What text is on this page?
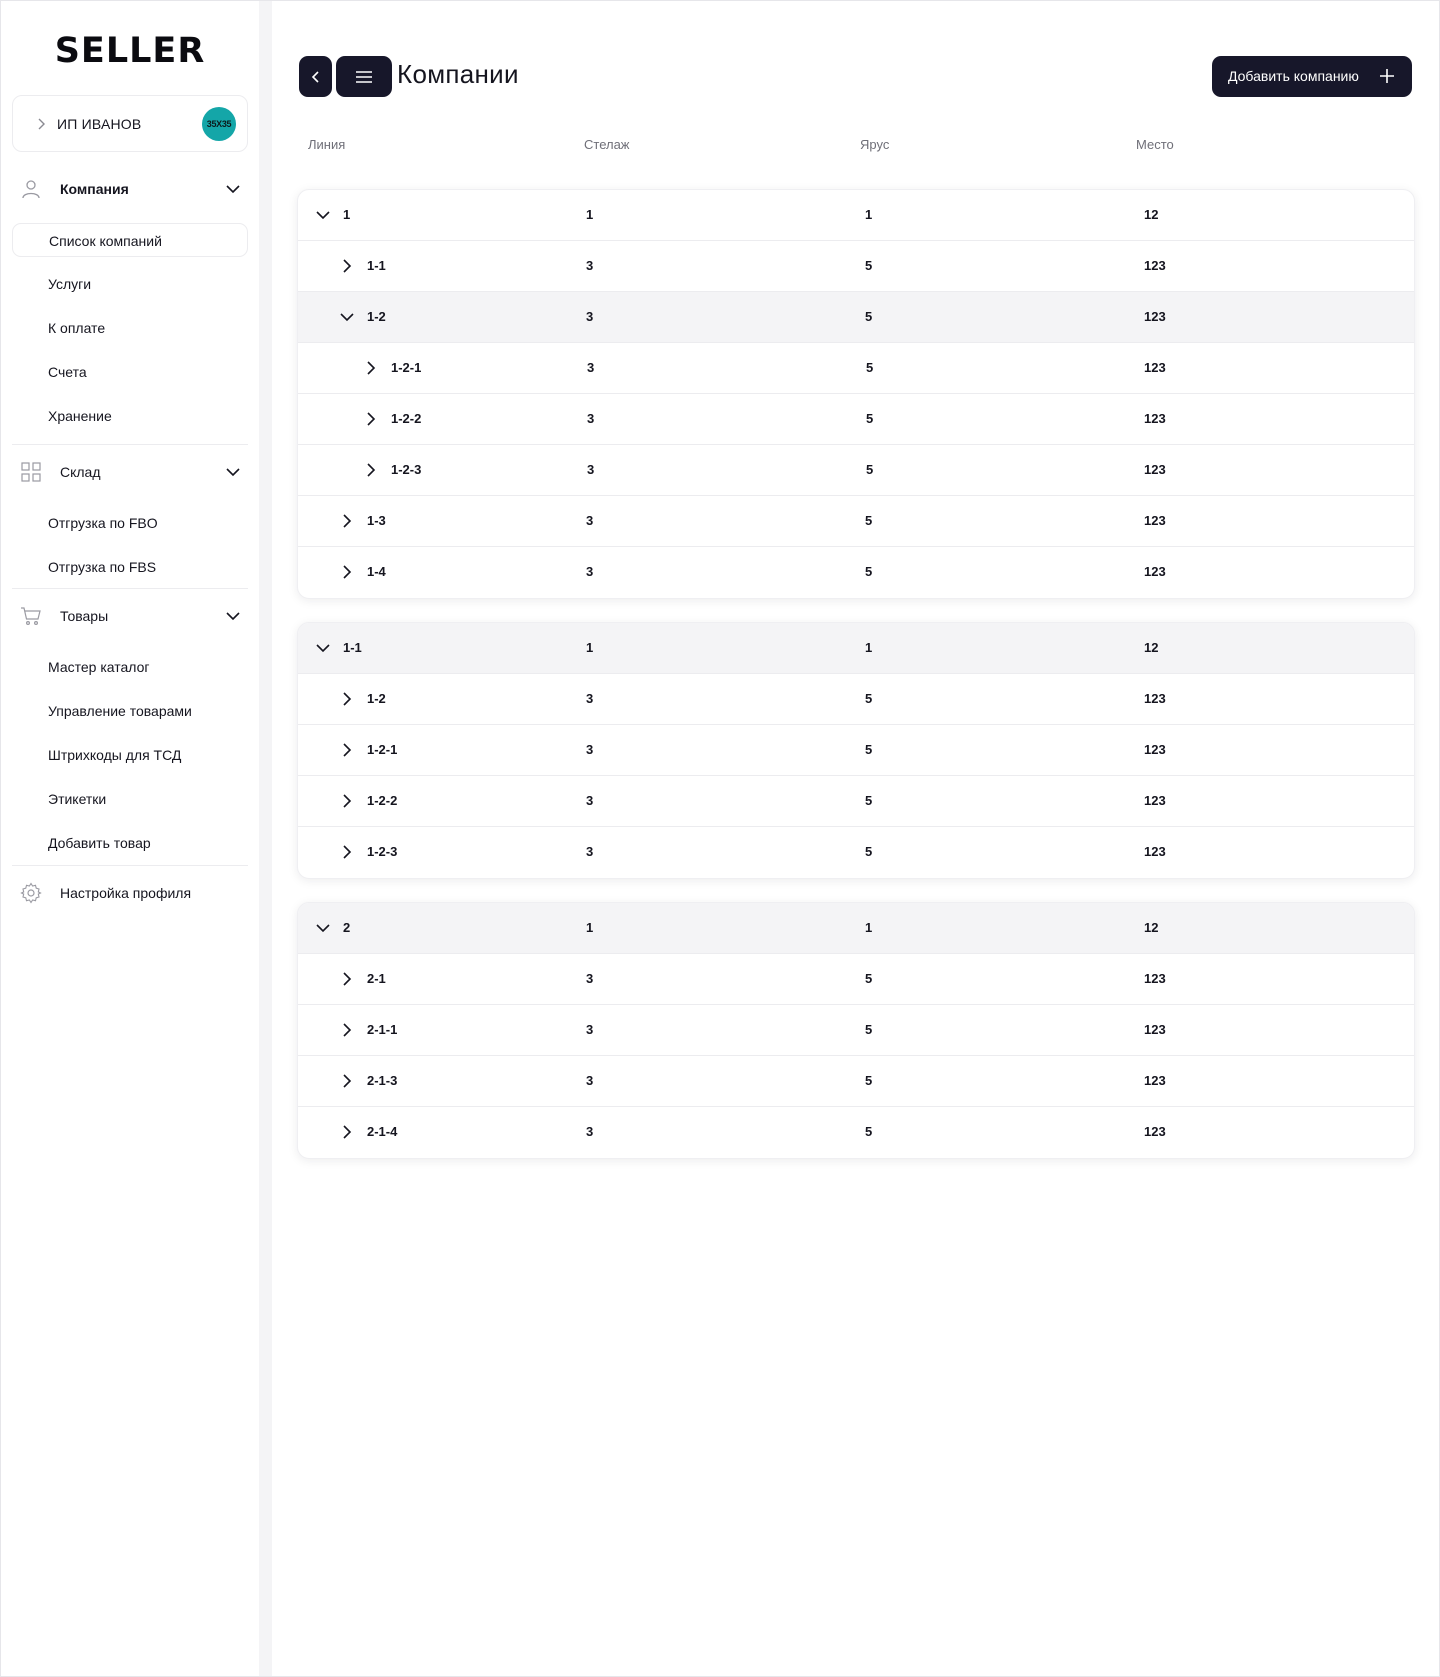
SELLER
ИП ИВАНОВ	35X35
Компания
Список компаний
Услуги
К оплате
Счета
Хранение
Склад
Отгрузка по FBO
Отгрузка по FBS
Товары
Мастер каталог
Управление товарами
Штрихкоды для ТСД
Этикетки
Добавить товар
Настройка профиля
Компании	Добавить компанию
Линия	Стелаж	Ярус	Место
1	1	1	12
1-1	3	5	123
1-2	3	5	123
1-2-1	3	5	123
1-2-2	3	5	123
1-2-3	3	5	123
1-3	3	5	123
1-4	3	5	123
1-1	1	1	12
1-2	3	5	123
1-2-1	3	5	123
1-2-2	3	5	123
1-2-3	3	5	123
2	1	1	12
2-1	3	5	123
2-1-1	3	5	123
2-1-3	3	5	123
2-1-4	3	5	123
